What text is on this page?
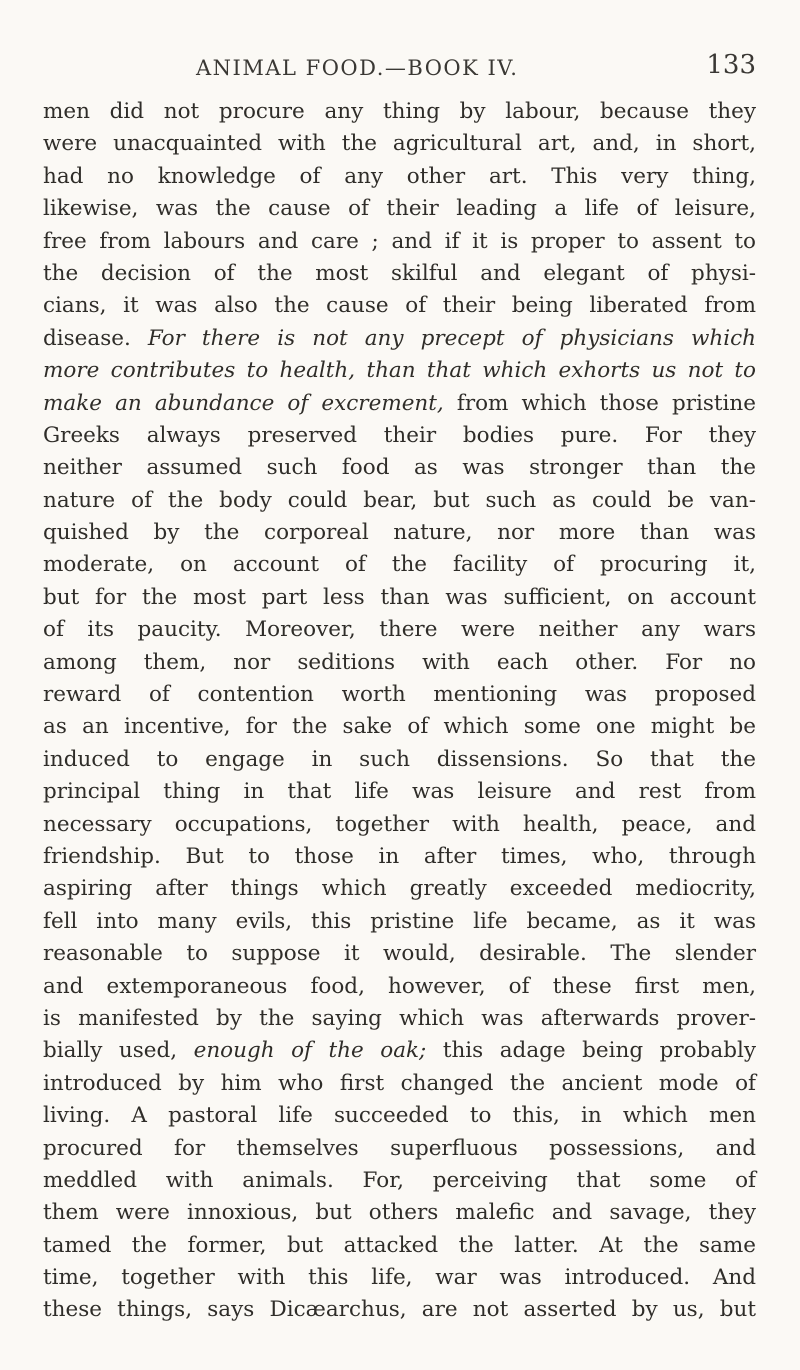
ANIMAL FOOD.—BOOK IV.	133
men did not procure any thing by labour, because they
were unacquainted with the agricultural art, and, in short,
had no knowledge of any other art. This very thing,
likewise, was the cause of their leading a life of leisure,
free from labours and care ; and if it is proper to assent to
the decision of the most skilful and elegant of physi-
cians, it was also the cause of their being liberated from
disease. For there is not any precept of physicians which
more contributes to health, than that which exhorts us not to
make an abundance of excrement, from which those pristine
Greeks always preserved their bodies pure. For they
neither assumed such food as was stronger than the
nature of the body could bear, but such as could be van-
quished by the corporeal nature, nor more than was
moderate, on account of the facility of procuring it,
but for the most part less than was sufficient, on account
of its paucity. Moreover, there were neither any wars
among them, nor seditions with each other. For no
reward of contention worth mentioning was proposed
as an incentive, for the sake of which some one might be
induced to engage in such dissensions. So that the
principal thing in that life was leisure and rest from
necessary occupations, together with health, peace, and
friendship. But to those in after times, who, through
aspiring after things which greatly exceeded mediocrity,
fell into many evils, this pristine life became, as it was
reasonable to suppose it would, desirable. The slender
and extemporaneous food, however, of these first men,
is manifested by the saying which was afterwards prover-
bially used, enough of the oak; this adage being probably
introduced by him who first changed the ancient mode of
living. A pastoral life succeeded to this, in which men
procured for themselves superfluous possessions, and
meddled with animals. For, perceiving that some of
them were innoxious, but others malefic and savage, they
tamed the former, but attacked the latter. At the same
time, together with this life, war was introduced. And
these things, says Dicæarchus, are not asserted by us, but
